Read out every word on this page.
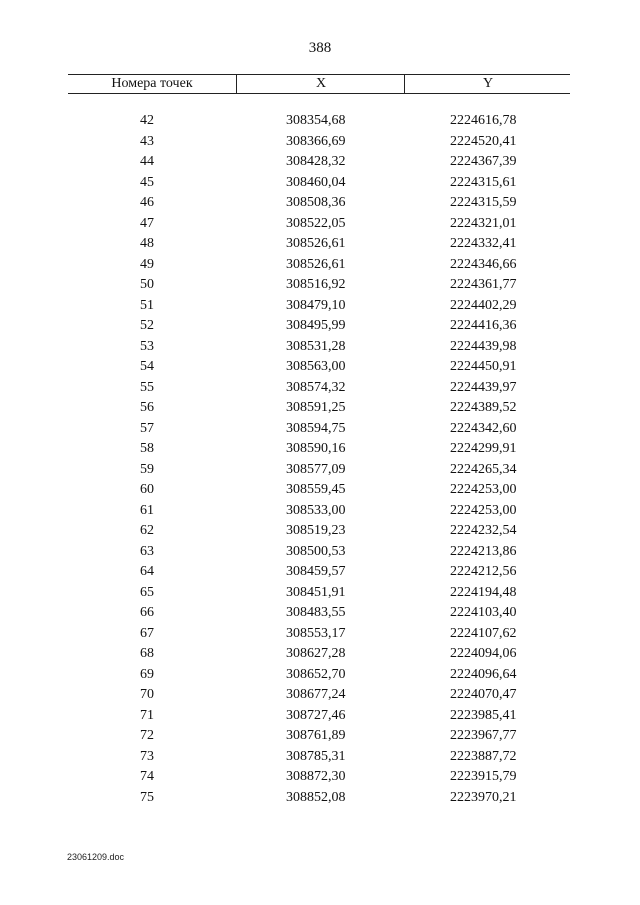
388
Номера точек	X	Y
42	308354,68	2224616,78
43	308366,69	2224520,41
44	308428,32	2224367,39
45	308460,04	2224315,61
46	308508,36	2224315,59
47	308522,05	2224321,01
48	308526,61	2224332,41
49	308526,61	2224346,66
50	308516,92	2224361,77
51	308479,10	2224402,29
52	308495,99	2224416,36
53	308531,28	2224439,98
54	308563,00	2224450,91
55	308574,32	2224439,97
56	308591,25	2224389,52
57	308594,75	2224342,60
58	308590,16	2224299,91
59	308577,09	2224265,34
60	308559,45	2224253,00
61	308533,00	2224253,00
62	308519,23	2224232,54
63	308500,53	2224213,86
64	308459,57	2224212,56
65	308451,91	2224194,48
66	308483,55	2224103,40
67	308553,17	2224107,62
68	308627,28	2224094,06
69	308652,70	2224096,64
70	308677,24	2224070,47
71	308727,46	2223985,41
72	308761,89	2223967,77
73	308785,31	2223887,72
74	308872,30	2223915,79
75	308852,08	2223970,21
23061209.doc
